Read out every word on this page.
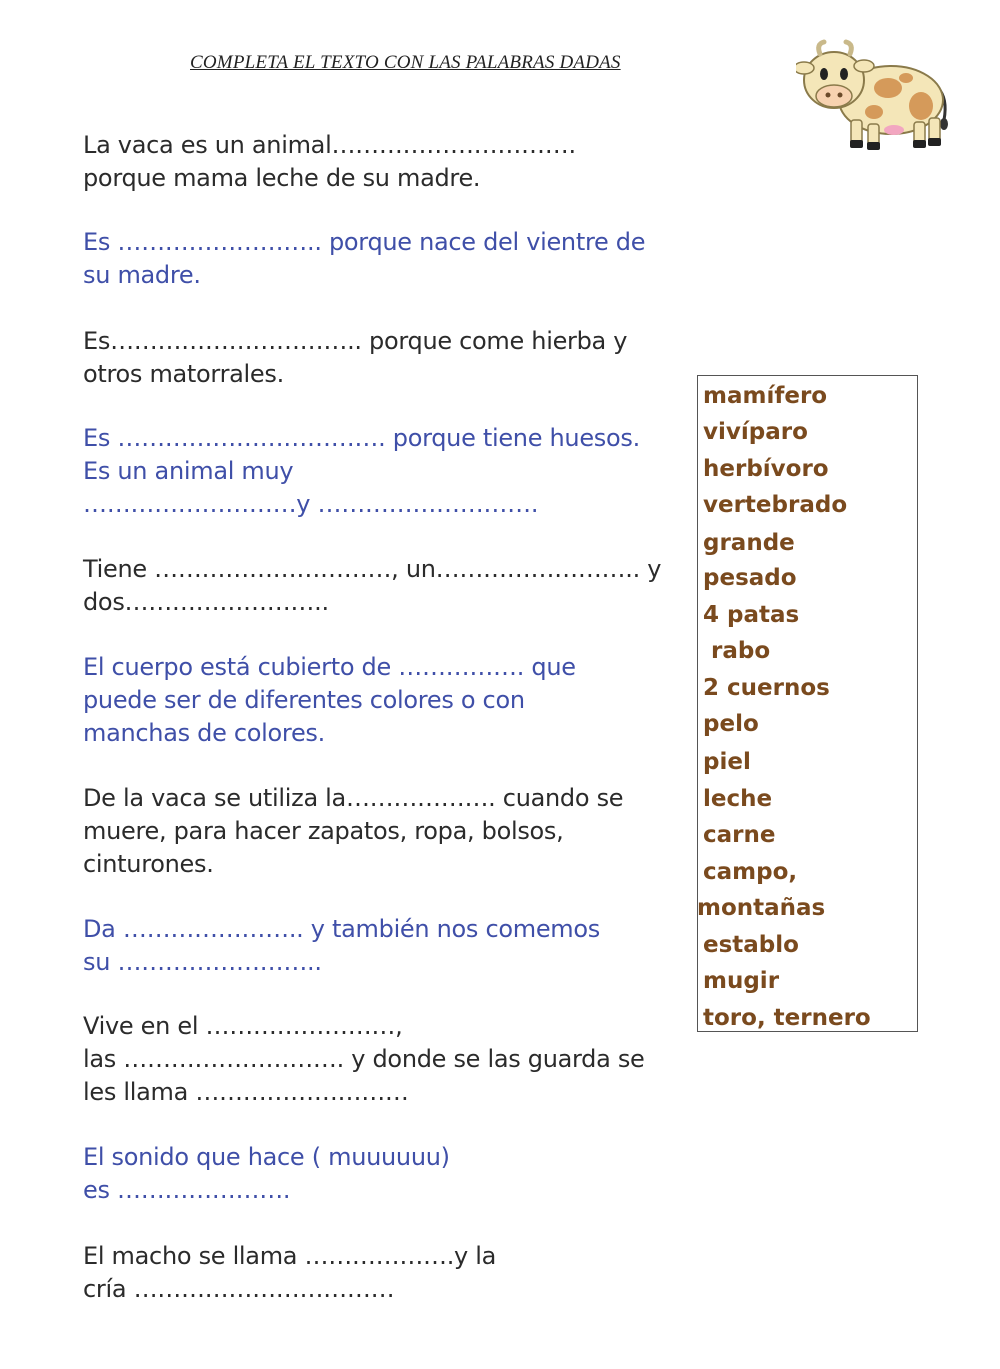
COMPLETA EL TEXTO CON LAS PALABRAS DADAS
La vaca es un animal………………………….
porque mama leche de su madre.
Es …………………….. porque nace del vientre de
su madre.
Es………………………….. porque come hierba y
otros matorrales.
Es ……………………………. porque tiene huesos.
Es un animal muy
………………………y ……………………….
Tiene …………………………, un…………………….. y
dos……………………..
El cuerpo está cubierto de ……………. que
puede ser de diferentes colores o con
manchas de colores.
De la vaca se utiliza la………………. cuando se
muere, para hacer zapatos, ropa, bolsos,
cinturones.
Da ………………….. y también nos comemos
su ……………………..
Vive en el ……………………,
las ………………………. y donde se las guarda se
les llama ………………………
El sonido que hace ( muuuuuu)
es ………………….
El macho se llama ……………….y la
cría ……………………………

mamífero

vivíparo

herbívoro

vertebrado

grande

pesado

4 patas

rabo

2 cuernos

pelo

piel

leche

carne

campo,

montañas

establo

mugir

toro, ternero
